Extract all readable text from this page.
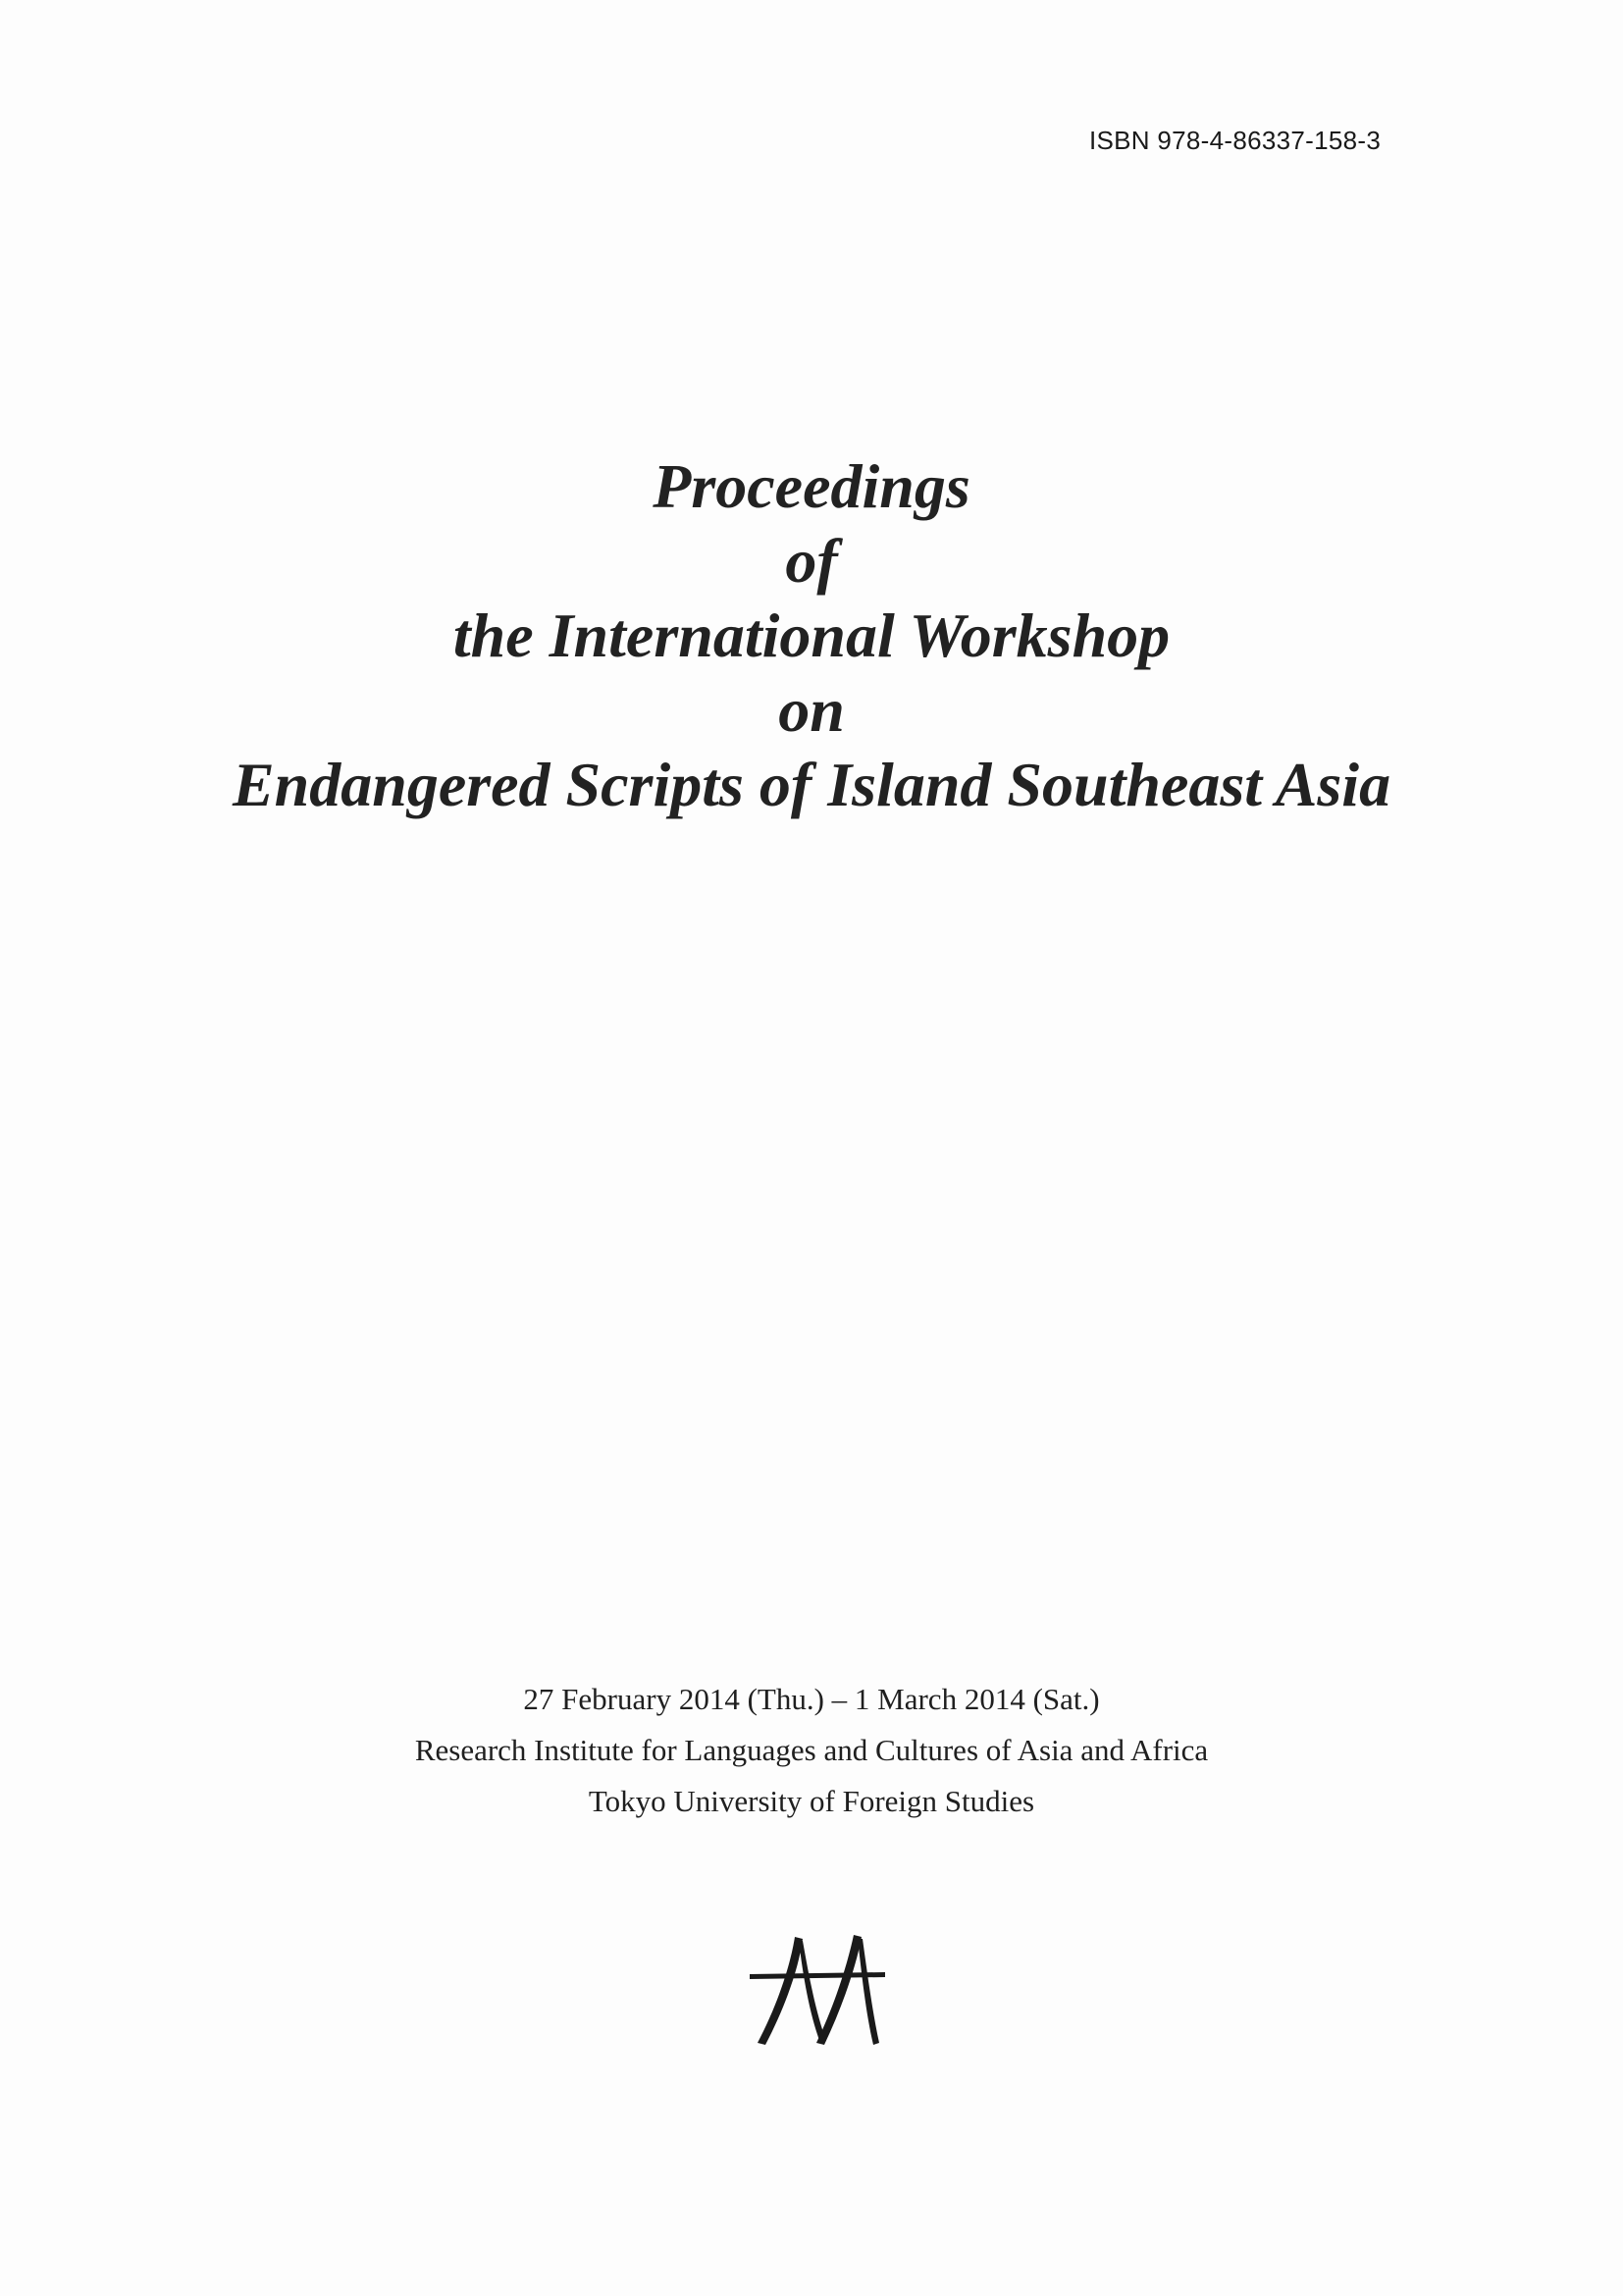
ISBN 978-4-86337-158-3
Proceedings
of
the International Workshop
on
Endangered Scripts of Island Southeast Asia
27 February 2014 (Thu.) – 1 March 2014 (Sat.)
Research Institute for Languages and Cultures of Asia and Africa
Tokyo University of Foreign Studies
